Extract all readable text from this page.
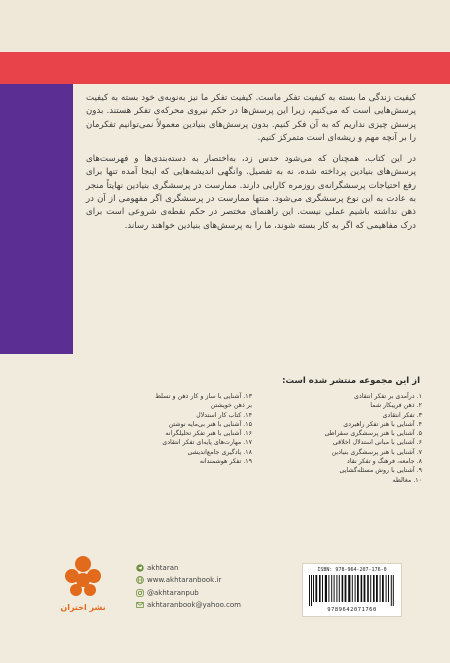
کیفیت زندگی ما بسته به کیفیت تفکر ماست. کیفیت تفکر ما نیز به‌نوبه‌ی خود بسته به کیفیت پرسش‌هایی است که می‌کنیم، زیرا این پرسش‌ها در حکم نیروی محرکه‌ی تفکر هستند. بدون پرسش چیزی نداریم که به آن فکر کنیم. بدون پرسش‌های بنیادین معمولاً نمی‌توانیم تفکرمان را بر آنچه مهم و ریشه‌ای است متمرکز کنیم.

در این کتاب، همچنان که می‌شود حدس زد، به‌اختصار به دسته‌بندی‌ها و فهرست‌های پرسش‌های بنیادین پرداخته شده، نه به تفصیل. وانگهی اندیشه‌هایی که اینجا آمده تنها برای رفع احتیاجات پرسشگرانه‌ی روزمره کارایی دارند. ممارست در پرسشگری بنیادین نهایتاً منجر به عادت به این نوع پرسشگری می‌شود. منتها ممارست در پرسشگری اگر مفهومی از آن در ذهن نداشته باشیم عملی نیست. این راهنمای مختصر در حکم نقطه‌ی شروعی است برای درک مفاهیمی که اگر به کار بسته شوند، ما را به پرسش‌های بنیادین خواهند رساند.

از این مجموعه منتشر شده است:
۱. درآمدی بر تفکر انتقادی
۲. ذهن فریبکار شما
۳. تفکر انتقادی
۴. آشنایی با هنر تفکر راهبردی
۵. آشنایی با هنر پرسشگری سقراطی
۶. آشنایی با مبانی استدلال اخلاقی
۷. آشنایی با هنر پرسشگری بنیادین
۸. جامعه، فرهنگ و تفکر نقاد
۹. آشنایی با روش مسئله‌گشایی
۱۰. مغالطه
۱۳. آشنایی با ساز و کار ذهن و تسلط
بر ذهن خویشتن
۱۴. کتاب کار استدلال
۱۵. آشنایی با هنر بی‌مایه نوشتن
۱۶. آشنایی با هنر تفکر تحلیلگرانه
۱۷. مهارت‌های پایه‌ای تفکر انتقادی
۱۸. یادگیری جامع‌اندیشی
۱۹. تفکر هوشمندانه
نشر اختران
akhtaran
www.akhtaranbook.ir
@akhtaranpub
akhtaranbook@yahoo.com
ISBN: 978-964-207-176-0
9789642071760
